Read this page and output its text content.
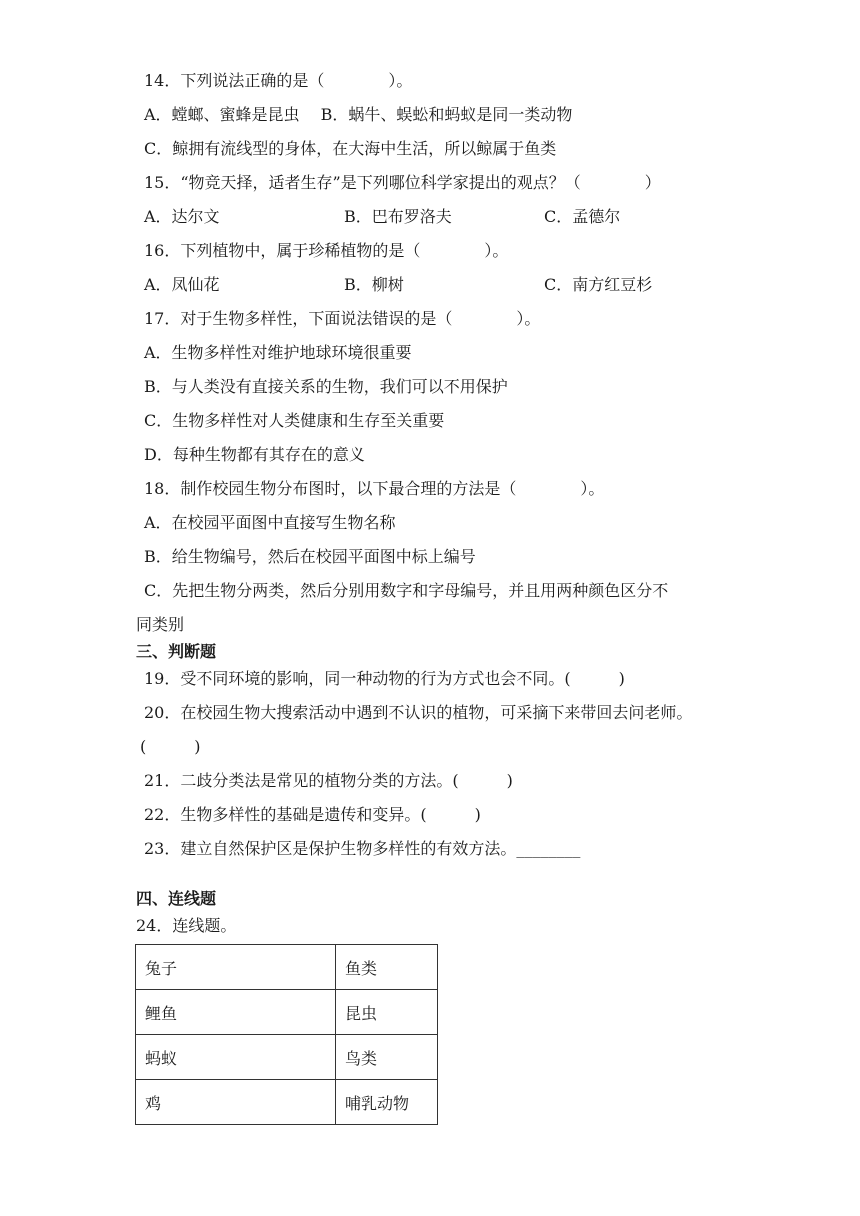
14．下列说法正确的是（　　　　）。
A．螳螂、蜜蜂是昆虫　 B．蜗牛、蜈蚣和蚂蚁是同一类动物
C．鲸拥有流线型的身体，在大海中生活，所以鲸属于鱼类
15．“物竞天择，适者生存”是下列哪位科学家提出的观点？（　　　　）
A．达尔文	B．巴布罗洛夫	C．孟德尔
16．下列植物中，属于珍稀植物的是（　　　　）。
A．凤仙花	B．柳树	C．南方红豆杉
17．对于生物多样性，下面说法错误的是（　　　　）。
A．生物多样性对维护地球环境很重要
B．与人类没有直接关系的生物，我们可以不用保护
C．生物多样性对人类健康和生存至关重要
D．每种生物都有其存在的意义
18．制作校园生物分布图时，以下最合理的方法是（　　　　）。
A．在校园平面图中直接写生物名称
B．给生物编号，然后在校园平面图中标上编号
C．先把生物分两类，然后分别用数字和字母编号，并且用两种颜色区分不
同类别
三、判断题
19．受不同环境的影响，同一种动物的行为方式也会不同。(　　　)
20．在校园生物大搜索活动中遇到不认识的植物，可采摘下来带回去问老师。
(　　　)
21．二歧分类法是常见的植物分类的方法。(　　　)
22．生物多样性的基础是遗传和变异。(　　　)
23．建立自然保护区是保护生物多样性的有效方法。________
四、连线题
24．连线题。
兔子	鱼类
鲤鱼	昆虫
蚂蚁	鸟类
鸡	哺乳动物
